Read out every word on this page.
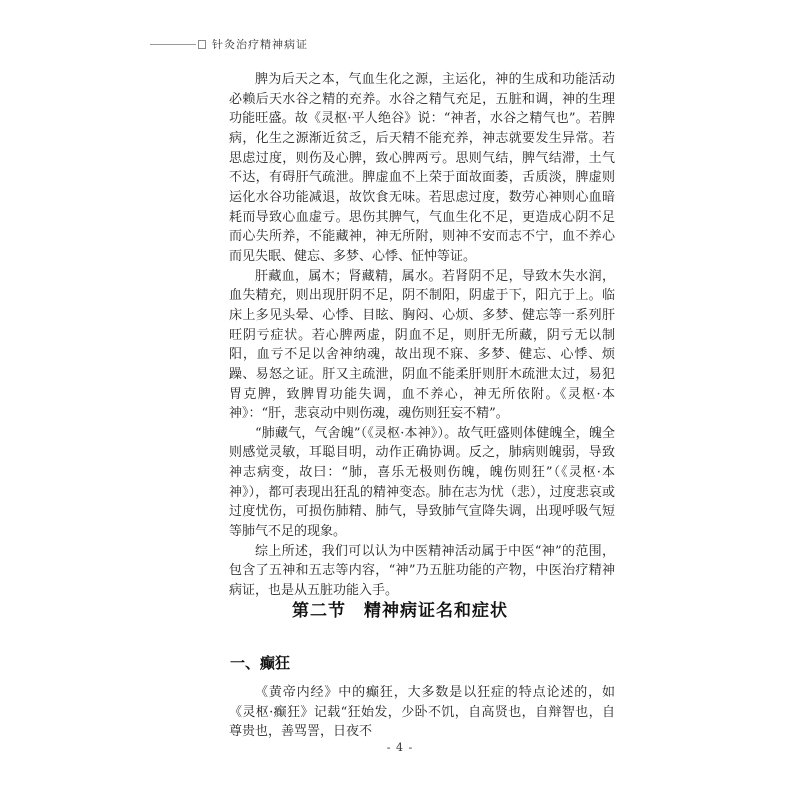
针灸治疗精神病证

脾为后天之本，气血生化之源，主运化，神的生成和功能活动必赖后天水谷之精的充养。水谷之精气充足，五脏和调，神的生理功能旺盛。故《灵枢·平人绝谷》说：“神者，水谷之精气也”。若脾病，化生之源渐近贫乏，后天精不能充养，神志就要发生异常。若思虑过度，则伤及心脾，致心脾两亏。思则气结，脾气结滞，土气不达，有碍肝气疏泄。脾虚血不上荣于面故面萎，舌质淡，脾虚则运化水谷功能减退，故饮食无味。若思虑过度，数劳心神则心血暗耗而导致心血虚亏。思伤其脾气，气血生化不足，更造成心阴不足而心失所养，不能藏神，神无所附，则神不安而志不宁，血不养心而见失眠、健忘、多梦、心悸、怔忡等证。

肝藏血，属木；肾藏精，属水。若肾阴不足，导致木失水润，血失精充，则出现肝阴不足，阴不制阳，阴虚于下，阳亢于上。临床上多见头晕、心悸、目眩、胸闷、心烦、多梦、健忘等一系列肝旺阴亏症状。若心脾两虚，阴血不足，则肝无所藏，阴亏无以制阳，血亏不足以舍神纳魂，故出现不寐、多梦、健忘、心悸、烦躁、易怒之证。肝又主疏泄，阴血不能柔肝则肝木疏泄太过，易犯胃克脾，致脾胃功能失调，血不养心，神无所依附。《灵枢·本神》：“肝，悲哀动中则伤魂，魂伤则狂妄不精”。

“肺藏气，气舍魄”（《灵枢·本神》）。故气旺盛则体健魄全，魄全则感觉灵敏，耳聪目明，动作正确协调。反之，肺病则魄弱，导致神志病变，故曰：“肺，喜乐无极则伤魄，魄伤则狂”（《灵枢·本神》），都可表现出狂乱的精神变态。肺在志为忧（悲），过度悲哀或过度忧伤，可损伤肺精、肺气，导致肺气宣降失调，出现呼吸气短等肺气不足的现象。

综上所述，我们可以认为中医精神活动属于中医“神”的范围，包含了五神和五志等内容，“神”乃五脏功能的产物，中医治疗精神病证，也是从五脏功能入手。

第二节　精神病证名和症状
一、癫狂

《黄帝内经》中的癫狂，大多数是以狂症的特点论述的，如《灵枢·癫狂》记载“狂始发，少卧不饥，自高贤也，自辩智也，自尊贵也，善骂詈，日夜不

- 4 -
